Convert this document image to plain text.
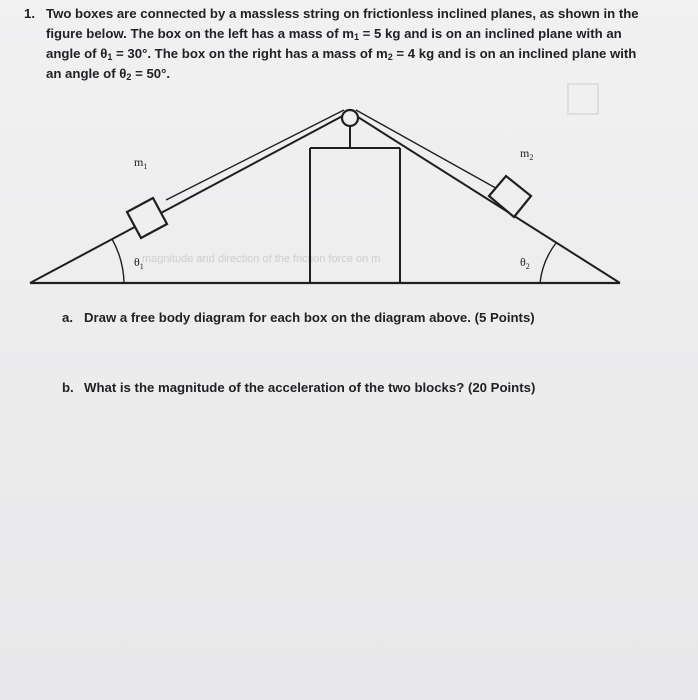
1. Two boxes are connected by a massless string on frictionless inclined planes, as shown in the
figure below. The box on the left has a mass of $m_1 = 5$ kg and is on an inclined plane with an
angle of $\theta_1 = 30^\circ$. The box on the right has a mass of $m_2 = 4$ kg and is on an inclined plane with
an angle of $\theta_2 = 50^\circ$.
magnitude and direction of the friction force on m
$m_1$
$m_2$
$\theta_1$	$\theta_2$
a. Draw a free body diagram for each box on the diagram above. (5 Points)
b. What is the magnitude of the acceleration of the two blocks? (20 Points)
